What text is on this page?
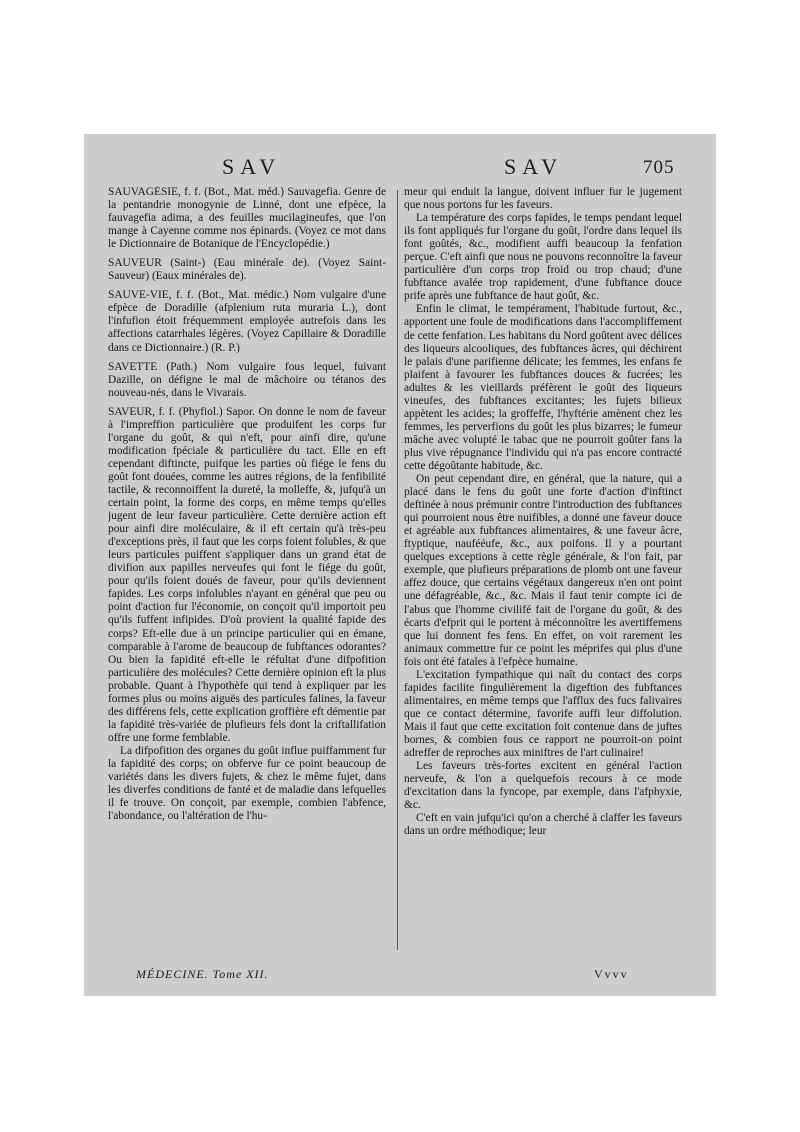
SAV	SAV	705

SAUVAGÉSIE, f. f. (Bot., Mat. méd.) Sauvagefia. Genre de la pentandrie monogynie de Linné, dont une efpèce, la fauvagefia adima, a des feuilles mucilagineufes, que l'on mange à Cayenne comme nos épinards. (Voyez ce mot dans le Dictionnaire de Botanique de l'Encyclopédie.)

SAUVEUR (Saint-) (Eau minérale de). (Voyez Saint-Sauveur) (Eaux minérales de).

SAUVE-VIE, f. f. (Bot., Mat. médic.) Nom vulgaire d'une efpèce de Doradille (afplenium ruta muraria L.), dont l'infufion étoit fréquemment employée autrefois dans les affections catarrhales légères. (Voyez Capillaire & Doradille dans ce Dictionnaire.) (R. P.)

SAVETTE (Path.) Nom vulgaire fous lequel, fuivant Dazille, on défigne le mal de mâchoire ou tétanos des nouveau-nés, dans le Vivarais.

SAVEUR, f. f. (Phyfiol.) Sapor. On donne le nom de faveur à l'impreffion particulière que produifent les corps fur l'organe du goût, & qui n'eft, pour ainfi dire, qu'une modification fpéciale & particulière du tact. Elle en eft cependant diftincte, puifque les parties où fiége le fens du goût font douées, comme les autres régions, de la fenfibilité tactile, & reconnoiffent la dureté, la molleffe, &, jufqu'à un certain point, la forme des corps, en même temps qu'elles jugent de leur faveur particulière. Cette dernière action eft pour ainfi dire moléculaire, & il eft certain qu'à très-peu d'exceptions près, il faut que les corps foient folubles, & que leurs particules puiffent s'appliquer dans un grand état de divifion aux papilles nerveufes qui font le fiége du goût, pour qu'ils foient doués de faveur, pour qu'ils deviennent fapides. Les corps infolubles n'ayant en général que peu ou point d'action fur l'économie, on conçoit qu'il importoit peu qu'ils fuffent infipides. D'où provient la qualité fapide des corps? Eft-elle due à un principe particulier qui en émane, comparable à l'arome de beaucoup de fubftances odorantes? Ou bien la fapidité eft-elle le réfultat d'une difpofition particulière des molécules? Cette dernière opinion eft la plus probable. Quant à l'hypothèfe qui tend à expliquer par les formes plus ou moins aiguës des particules falines, la faveur des différens fels, cette explication groffière eft démentie par la fapidité très-variée de plufieurs fels dont la criftallifation offre une forme femblable.

La difpofition des organes du goût influe puiffamment fur la fapidité des corps; on obferve fur ce point beaucoup de variétés dans les divers fujets, & chez le même fujet, dans les diverfes conditions de fanté et de maladie dans lefquelles il fe trouve. On conçoit, par exemple, combien l'abfence, l'abondance, ou l'altération de l'hu-

meur qui enduit la langue, doivent influer fur le jugement que nous portons fur les faveurs.

La température des corps fapides, le temps pendant lequel ils font appliqués fur l'organe du goût, l'ordre dans lequel ils font goûtés, &c., modifient auffi beaucoup la fenfation perçue. C'eft ainfi que nous ne pouvons reconnoître la faveur particulière d'un corps trop froid ou trop chaud; d'une fubftance avalée trop rapidement, d'une fubftance douce prife après une fubftance de haut goût, &c.

Enfin le climat, le tempérament, l'habitude furtout, &c., apportent une foule de modifications dans l'accompliffement de cette fenfation. Les habitans du Nord goûtent avec délices des liqueurs alcooliques, des fubftances âcres, qui déchirent le palais d'une parifienne délicate; les femmes, les enfans fe plaifent à favourer les fubftances douces & fucrées; les adultes & les vieillards préfèrent le goût des liqueurs vineufes, des fubftances excitantes; les fujets bilieux appètent les acides; la groffeffe, l'hyftérie amènent chez les femmes, les perverfions du goût les plus bizarres; le fumeur mâche avec volupté le tabac que ne pourroit goûter fans la plus vive répugnance l'individu qui n'a pas encore contracté cette dégoûtante habitude, &c.

On peut cependant dire, en général, que la nature, qui a placé dans le fens du goût une forte d'action d'inftinct deftinée à nous prémunir contre l'introduction des fubftances qui pourroient nous être nuifibles, a donné une faveur douce et agréable aux fubftances alimentaires, & une faveur âcre, ftyptique, naufééufe, &c., aux poifons. Il y a pourtant quelques exceptions à cette règle générale, & l'on fait, par exemple, que plufieurs préparations de plomb ont une faveur affez douce, que certains végétaux dangereux n'en ont point une défagréable, &c., &c. Mais il faut tenir compte ici de l'abus que l'homme civilifé fait de l'organe du goût, & des écarts d'efprit qui le portent à méconnoître les avertiffemens que lui donnent fes fens. En effet, on voit rarement les animaux commettre fur ce point les méprifes qui plus d'une fois ont été fatales à l'efpèce humaine.

L'excitation fympathique qui naît du contact des corps fapides facilite fingulièrement la digeftion des fubftances alimentaires, en même temps que l'afflux des fucs falivaires que ce contact détermine, favorife auffi leur diffolution. Mais il faut que cette excitation foit contenue dans de juftes bornes, & combien fous ce rapport ne pourroit-on point adreffer de reproches aux miniftres de l'art culinaire!

Les faveurs très-fortes excitent en général l'action nerveufe, & l'on a quelquefois recours à ce mode d'excitation dans la fyncope, par exemple, dans l'afphyxie, &c.

C'eft en vain jufqu'ici qu'on a cherché à claffer les faveurs dans un ordre méthodique; leur

MÉDECINE. Tome XII.	Vvvv
